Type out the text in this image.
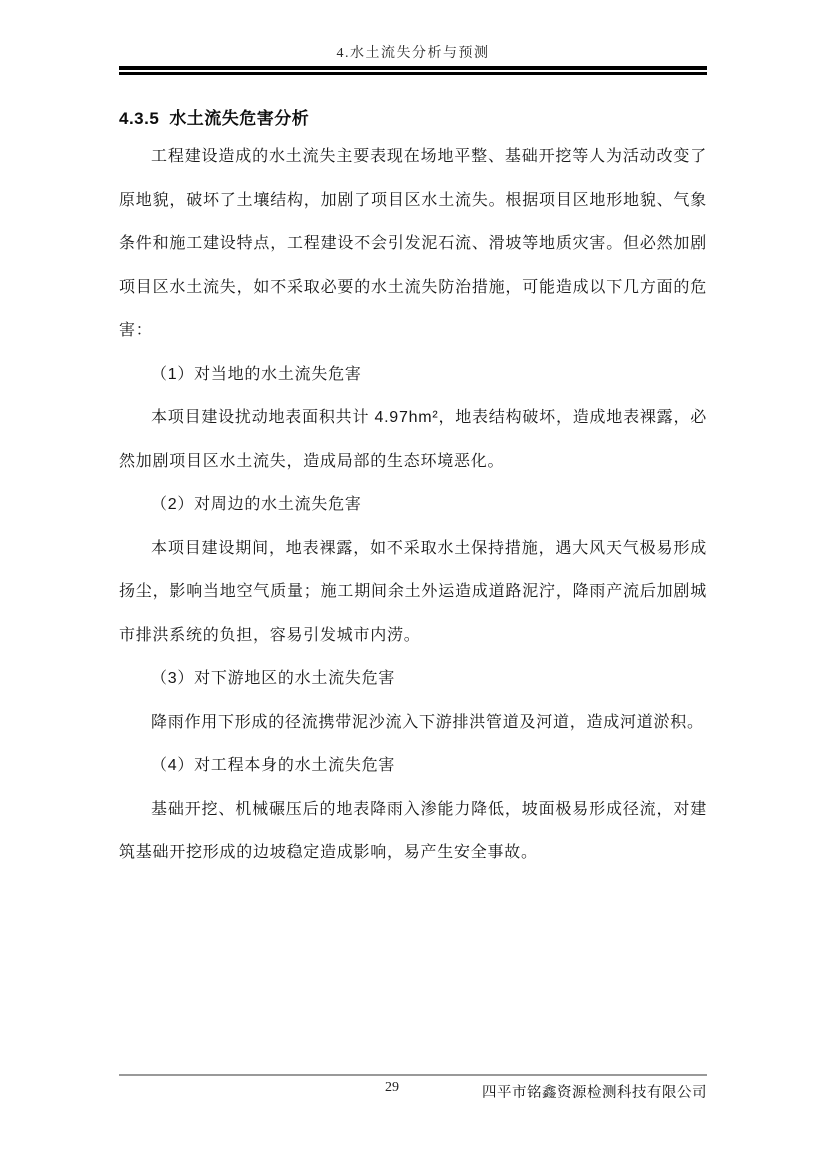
4.水土流失分析与预测
4.3.5 水土流失危害分析

工程建设造成的水土流失主要表现在场地平整、基础开挖等人为活动改变了原地貌，破坏了土壤结构，加剧了项目区水土流失。根据项目区地形地貌、气象条件和施工建设特点，工程建设不会引发泥石流、滑坡等地质灾害。但必然加剧项目区水土流失，如不采取必要的水土流失防治措施，可能造成以下几方面的危害：

（1）对当地的水土流失危害

本项目建设扰动地表面积共计 4.97hm²，地表结构破坏，造成地表裸露，必然加剧项目区水土流失，造成局部的生态环境恶化。

（2）对周边的水土流失危害

本项目建设期间，地表裸露，如不采取水土保持措施，遇大风天气极易形成扬尘，影响当地空气质量；施工期间余土外运造成道路泥泞，降雨产流后加剧城市排洪系统的负担，容易引发城市内涝。

（3）对下游地区的水土流失危害

降雨作用下形成的径流携带泥沙流入下游排洪管道及河道，造成河道淤积。

（4）对工程本身的水土流失危害

基础开挖、机械碾压后的地表降雨入渗能力降低，坡面极易形成径流，对建筑基础开挖形成的边坡稳定造成影响，易产生安全事故。

29	四平市铭鑫资源检测科技有限公司
